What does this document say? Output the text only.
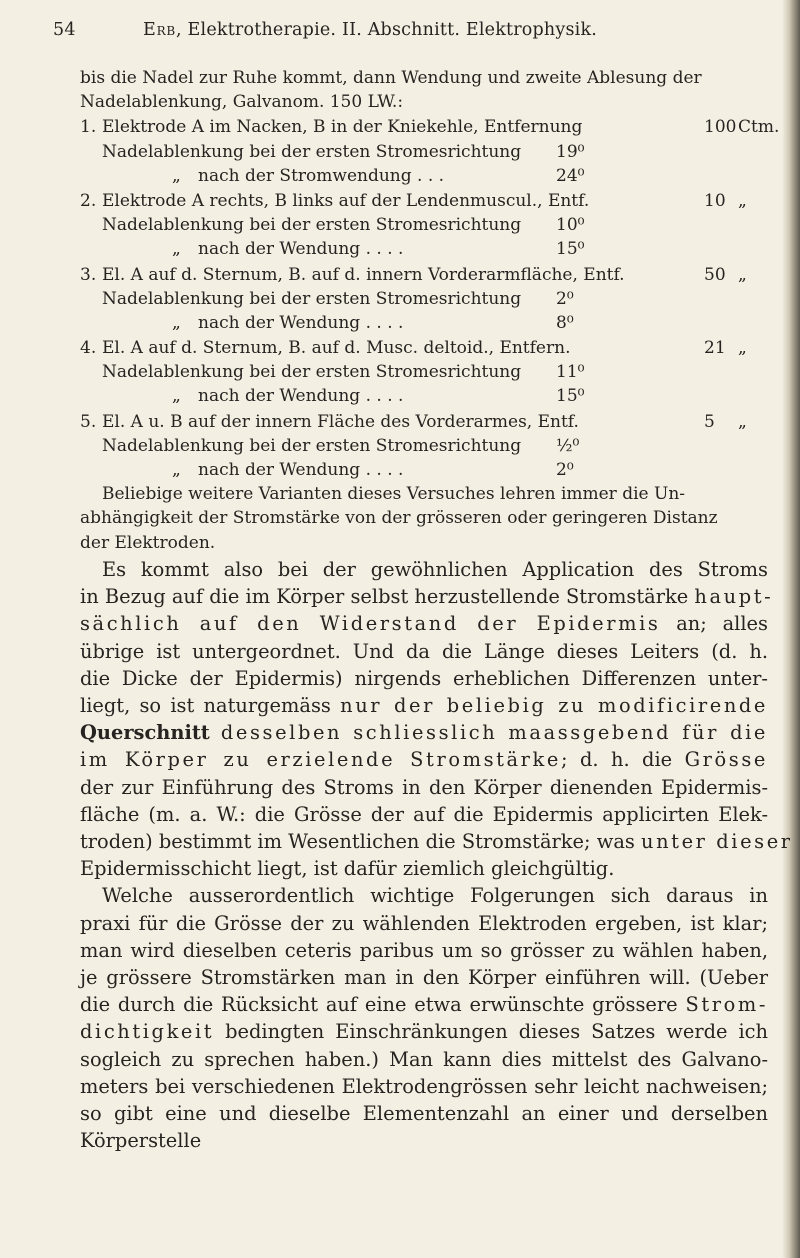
54	Erb, Elektrotherapie. II. Abschnitt. Elektrophysik.
bis die Nadel zur Ruhe kommt, dann Wendung und zweite Ablesung der
Nadelablenkung, Galvanom. 150 LW.:
1. Elektrode A im Nacken, B in der Kniekehle, Entfernung	100 Ctm.
Nadelablenkung bei der ersten Stromesrichtung 19⁰
„ nach der Stromwendung . . .	24⁰
2. Elektrode A rechts, B links auf der Lendenmuscul., Entf.	10 „
Nadelablenkung bei der ersten Stromesrichtung 10⁰
„ nach der Wendung . . . .	15⁰
3. El. A auf d. Sternum, B. auf d. innern Vorderarmfläche, Entf.	50 „
Nadelablenkung bei der ersten Stromesrichtung 2⁰
„ nach der Wendung . . . .	8⁰
4. El. A auf d. Sternum, B. auf d. Musc. deltoid., Entfern.	21 „
Nadelablenkung bei der ersten Stromesrichtung 11⁰
„ nach der Wendung . . . .	15⁰
5. El. A u. B auf der innern Fläche des Vorderarmes, Entf.	5 „
Nadelablenkung bei der ersten Stromesrichtung ½⁰
„ nach der Wendung . . . .	2⁰
Beliebige weitere Varianten dieses Versuches lehren immer die Un-
abhängigkeit der Stromstärke von der grösseren oder geringeren Distanz
der Elektroden.

Es kommt also bei der gewöhnlichen Application des Stroms
in Bezug auf die im Körper selbst herzustellende Stromstärke haupt-
sächlich auf den Widerstand der Epidermis an; alles
übrige ist untergeordnet. Und da die Länge dieses Leiters (d. h.
die Dicke der Epidermis) nirgends erheblichen Differenzen unter-
liegt, so ist naturgemäss nur der beliebig zu modificirende
Querschnitt desselben schliesslich maassgebend für die
im Körper zu erzielende Stromstärke; d. h. die Grösse
der zur Einführung des Stroms in den Körper dienenden Epidermis-
fläche (m. a. W.: die Grösse der auf die Epidermis applicirten Elek-
troden) bestimmt im Wesentlichen die Stromstärke; was unter dieser
Epidermisschicht liegt, ist dafür ziemlich gleichgültig.

Welche ausserordentlich wichtige Folgerungen sich daraus in
praxi für die Grösse der zu wählenden Elektroden ergeben, ist klar;
man wird dieselben ceteris paribus um so grösser zu wählen haben,
je grössere Stromstärken man in den Körper einführen will. (Ueber
die durch die Rücksicht auf eine etwa erwünschte grössere Strom-
dichtigkeit bedingten Einschränkungen dieses Satzes werde ich
sogleich zu sprechen haben.) Man kann dies mittelst des Galvano-
meters bei verschiedenen Elektrodengrössen sehr leicht nachweisen;
so gibt eine und dieselbe Elementenzahl an einer und derselben
Körperstelle
